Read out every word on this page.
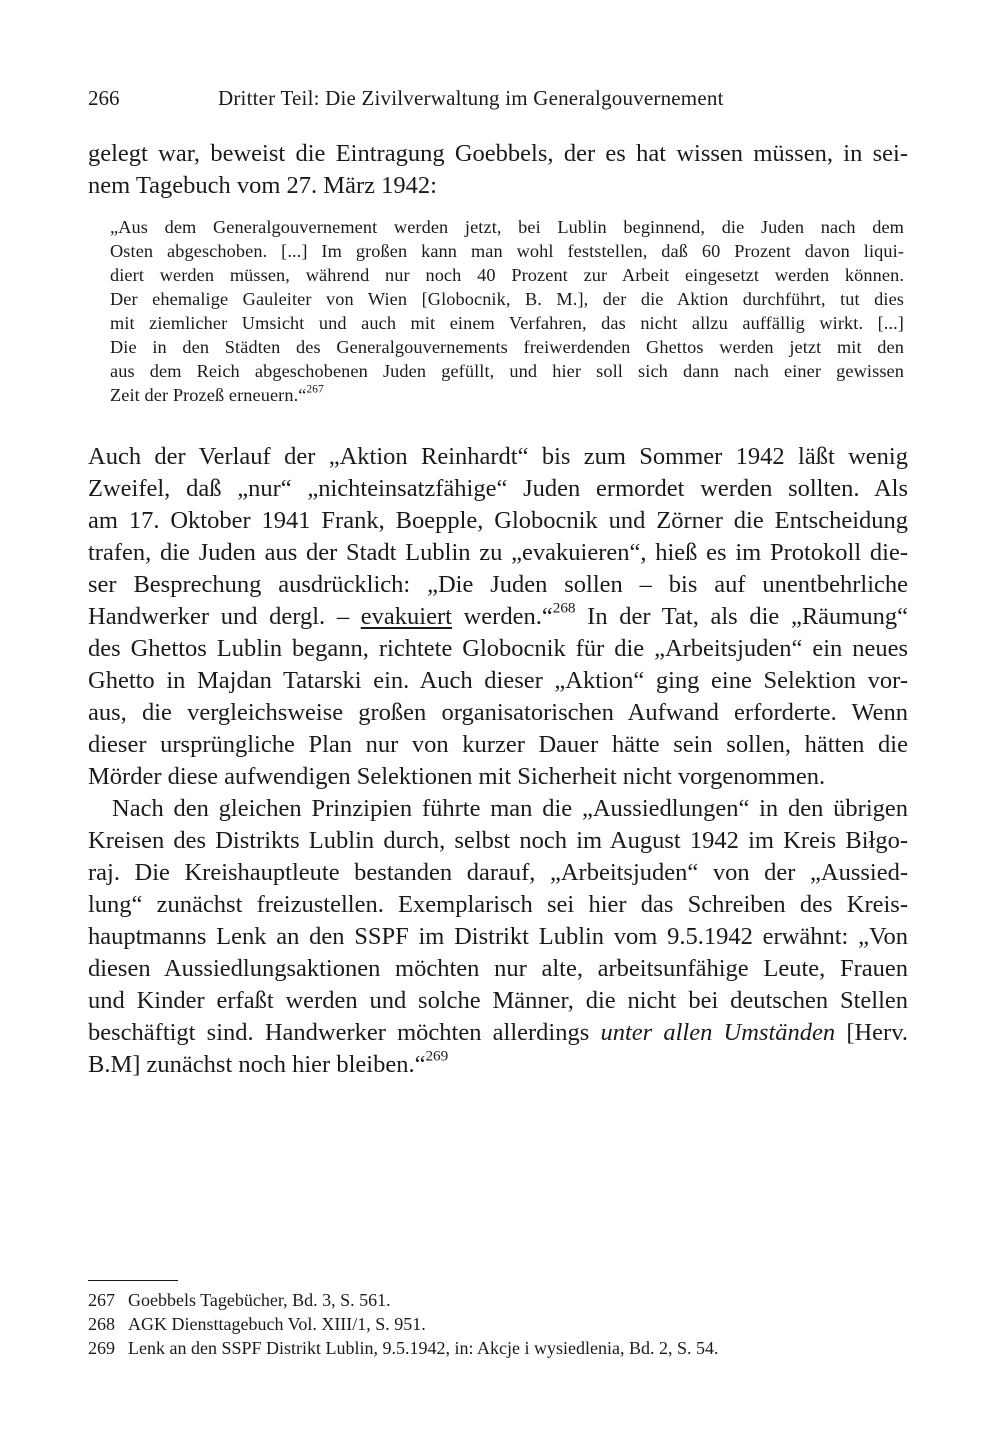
266	Dritter Teil: Die Zivilverwaltung im Generalgouvernement
gelegt war, beweist die Eintragung Goebbels, der es hat wissen müssen, in sei-
nem Tagebuch vom 27. März 1942:
„Aus dem Generalgouvernement werden jetzt, bei Lublin beginnend, die Juden nach dem
Osten abgeschoben. [...] Im großen kann man wohl feststellen, daß 60 Prozent davon liqui-
diert werden müssen, während nur noch 40 Prozent zur Arbeit eingesetzt werden können.
Der ehemalige Gauleiter von Wien [Globocnik, B. M.], der die Aktion durchführt, tut dies
mit ziemlicher Umsicht und auch mit einem Verfahren, das nicht allzu auffällig wirkt. [...]
Die in den Städten des Generalgouvernements freiwerdenden Ghettos werden jetzt mit den
aus dem Reich abgeschobenen Juden gefüllt, und hier soll sich dann nach einer gewissen
Zeit der Prozeß erneuern.“$^{267}$
Auch der Verlauf der „Aktion Reinhardt“ bis zum Sommer 1942 läßt wenig
Zweifel, daß „nur“ „nichteinsatzfähige“ Juden ermordet werden sollten. Als
am 17. Oktober 1941 Frank, Boepple, Globocnik und Zörner die Entscheidung
trafen, die Juden aus der Stadt Lublin zu „evakuieren“, hieß es im Protokoll die-
ser Besprechung ausdrücklich: „Die Juden sollen – bis auf unentbehrliche
Handwerker und dergl. – evakuiert werden.“$^{268}$ In der Tat, als die „Räumung“
des Ghettos Lublin begann, richtete Globocnik für die „Arbeitsjuden“ ein neues
Ghetto in Majdan Tatarski ein. Auch dieser „Aktion“ ging eine Selektion vor-
aus, die vergleichsweise großen organisatorischen Aufwand erforderte. Wenn
dieser ursprüngliche Plan nur von kurzer Dauer hätte sein sollen, hätten die
Mörder diese aufwendigen Selektionen mit Sicherheit nicht vorgenommen.
Nach den gleichen Prinzipien führte man die „Aussiedlungen“ in den übrigen
Kreisen des Distrikts Lublin durch, selbst noch im August 1942 im Kreis Biłgo-
raj. Die Kreishauptleute bestanden darauf, „Arbeitsjuden“ von der „Aussied-
lung“ zunächst freizustellen. Exemplarisch sei hier das Schreiben des Kreis-
hauptmanns Lenk an den SSPF im Distrikt Lublin vom 9.5.1942 erwähnt: „Von
diesen Aussiedlungsaktionen möchten nur alte, arbeitsunfähige Leute, Frauen
und Kinder erfaßt werden und solche Männer, die nicht bei deutschen Stellen
beschäftigt sind. Handwerker möchten allerdings unter allen Umständen [Herv.
B.M] zunächst noch hier bleiben.“$^{269}$
267 Goebbels Tagebücher, Bd. 3, S. 561.
268 AGK Diensttagebuch Vol. XIII/1, S. 951.
269 Lenk an den SSPF Distrikt Lublin, 9.5.1942, in: Akcje i wysiedlenia, Bd. 2, S. 54.
